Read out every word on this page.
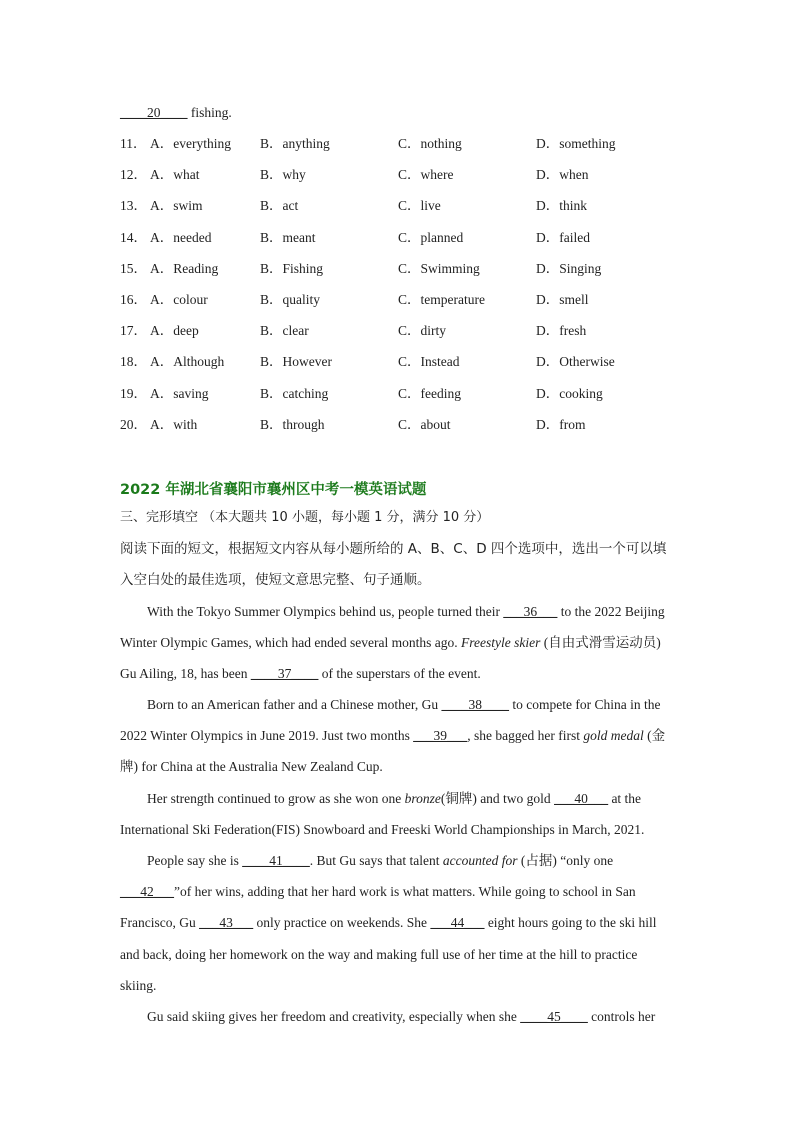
____20____ fishing.
11． A．everything B．anything	C．nothing	D．something
12． A．what	B．why	C．where	D．when
13． A．swim	B．act	C．live	D．think
14． A．needed	B．meant	C．planned	D．failed
15． A．Reading	B．Fishing	C．Swimming	D．Singing
16． A．colour	B．quality	C．temperature	D．smell
17． A．deep	B．clear	C．dirty	D．fresh
18． A．Although	B．However	C．Instead	D．Otherwise
19． A．saving	B．catching	C．feeding	D．cooking
20． A．with	B．through	C．about	D．from
2022 年湖北省襄阳市襄州区中考一模英语试题
三、完形填空 （本大题共 10 小题，每小题 1 分，满分 10 分）
阅读下面的短文，根据短文内容从每小题所给的 A、B、C、D 四个选项中，选出一个可以填入空白处的最佳选项，使短文意思完整、句子通顺。
With the Tokyo Summer Olympics behind us, people turned their ___36___ to the 2022 Beijing Winter Olympic Games, which had ended several months ago. Freestyle skier (自由式滑雪运动员) Gu Ailing, 18, has been ____37____ of the superstars of the event.
Born to an American father and a Chinese mother, Gu ____38____ to compete for China in the 2022 Winter Olympics in June 2019. Just two months ___39___, she bagged her first gold medal (金牌) for China at the Australia New Zealand Cup.
Her strength continued to grow as she won one bronze(铜牌) and two gold ___40___ at the International Ski Federation(FIS) Snowboard and Freeski World Championships in March, 2021.
People say she is ____41____. But Gu says that talent accounted for (占据) “only one ___42___”of her wins, adding that her hard work is what matters. While going to school in San Francisco, Gu ___43___ only practice on weekends. She ___44___ eight hours going to the ski hill and back, doing her homework on the way and making full use of her time at the hill to practice skiing.
Gu said skiing gives her freedom and creativity, especially when she ____45____ controls her
